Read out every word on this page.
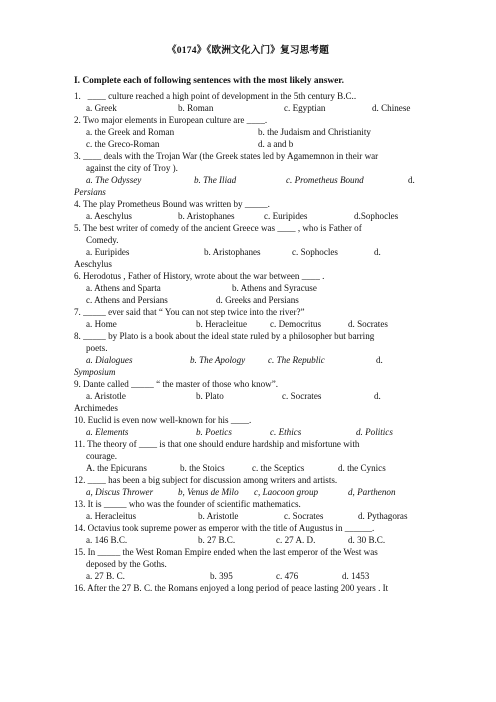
《0174》《欧洲文化入门》复习思考题
I. Complete each of following sentences with the most likely answer.
1. ____ culture reached a high point of development in the 5th century B.C..
a. Greek	b. Roman	c. Egyptian	d. Chinese
2. Two major elements in European culture are ____.
a. the Greek and Roman	b. the Judaism and Christianity
c. the Greco-Roman	d. a and b
3. ____ deals with the Trojan War (the Greek states led by Agamemnon in their war
against the city of Troy ).
a. The Odyssey	b. The Iliad	c. Prometheus Bound	d.
Persians
4. The play Prometheus Bound was written by _____.
a. Aeschylus	b. Aristophanes	c. Euripides	d.Sophocles
5. The best writer of comedy of the ancient Greece was ____ , who is Father of
Comedy.
a. Euripides	b. Aristophanes	c. Sophocles	d.
Aeschylus
6. Herodotus , Father of History, wrote about the war between ____ .
a. Athens and Sparta	b. Athens and Syracuse
c. Athens and Persians	d. Greeks and Persians
7. _____ ever said that “ You can not step twice into the river?”
a. Home	b. Heracleitue	c. Democritus	d. Socrates
8. _____ by Plato is a book about the ideal state ruled by a philosopher but barring
poets.
a. Dialogues	b. The Apology	c. The Republic	d.
Symposium
9. Dante called _____ “ the master of those who know”.
a. Aristotle	b. Plato	c. Socrates	d.
Archimedes
10. Euclid is even now well-known for his ____.
a. Elements	b. Poetics	c. Ethics	d. Politics
11. The theory of ____ is that one should endure hardship and misfortune with
courage.
A. the Epicurans	b. the Stoics	c. the Sceptics	d. the Cynics
12. ____ has been a big subject for discussion among writers and artists.
a, Discus Thrower	b, Venus de Milo c, Laocoon group	d, Parthenon
13. It is _____ who was the founder of scientific mathematics.
a. Heracleitus	b. Aristotle	c. Socrates	d. Pythagoras
14. Octavius took supreme power as emperor with the title of Augustus in ______.
a. 146 B.C.	b. 27 B.C.	c. 27 A. D.	d. 30 B.C.
15. In _____ the West Roman Empire ended when the last emperor of the West was
deposed by the Goths.
a. 27 B. C.	b. 395	c. 476	d. 1453
16. After the 27 B. C. the Romans enjoyed a long period of peace lasting 200 years . It
